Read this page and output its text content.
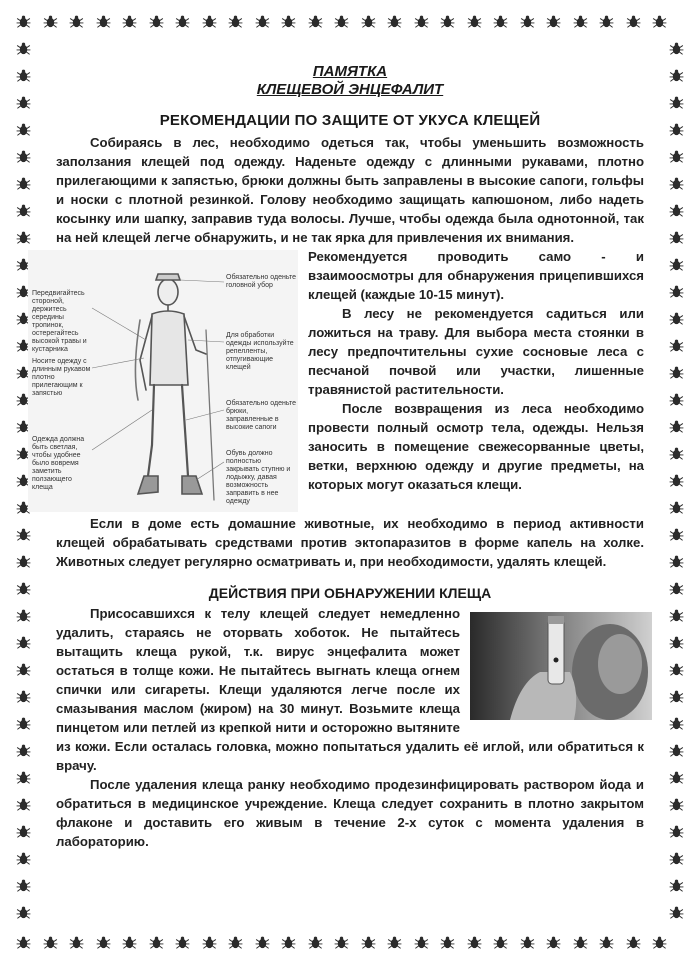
ПАМЯТКА
КЛЕЩЕВОЙ ЭНЦЕФАЛИТ
РЕКОМЕНДАЦИИ ПО ЗАЩИТЕ ОТ УКУСА КЛЕЩЕЙ

Собираясь в лес, необходимо одеться так, чтобы уменьшить возможность заползания клещей под одежду. Наденьте одежду с длинными рукавами, плотно прилегающими к запястью, брюки должны быть заправлены в высокие сапоги, гольфы и носки с плотной резинкой. Голову необходимо защищать капюшоном, либо надеть косынку или шапку, заправив туда волосы. Лучше, чтобы одежда была однотонной, так на ней клещей легче обнаружить, и не так ярка для привлечения их внимания.

Передвигайтесь стороной, держитесь середины тропинок, остерегайтесь высокой травы и кустарника
Носите одежду с длинным рукавом плотно прилегающим к запястью
Одежда должна быть светлая, чтобы удобнее было вовремя заметить ползающего клеща
Обязательно оденьте головной убор
Для обработки одежды используйте репелленты, отпугивающие клещей
Обязательно оденьте брюки, заправленные в высокие сапоги
Обувь должно полностью закрывать ступню и лодыжку, давая возможность заправить в нее одежду

Рекомендуется проводить само - и взаимоосмотры для обнаружения прицепившихся клещей (каждые 10-15 минут).

В лесу не рекомендуется садиться или ложиться на траву. Для выбора места стоянки в лесу предпочтительны сухие сосновые леса с песчаной почвой или участки, лишенные травянистой растительности.

После возвращения из леса необходимо провести полный осмотр тела, одежды. Нельзя заносить в помещение свежесорванные цветы, ветки, верхнюю одежду и другие предметы, на которых могут оказаться клещи.

Если в доме есть домашние животные, их необходимо в период активности клещей обрабатывать средствами против эктопаразитов в форме капель на холке. Животных следует регулярно осматривать и, при необходимости, удалять клещей.

ДЕЙСТВИЯ ПРИ ОБНАРУЖЕНИИ КЛЕЩА

Присосавшихся к телу клещей следует немедленно удалить, стараясь не оторвать хоботок. Не пытайтесь вытащить клеща рукой, т.к. вирус энцефалита может остаться в толще кожи. Не пытайтесь выгнать клеща огнем спички или сигареты. Клещи удаляются легче после их смазывания маслом (жиром) на 30 минут. Возьмите клеща пинцетом или петлей из крепкой нити и осторожно вытяните из кожи. Если осталась головка, можно попытаться удалить её иглой, или обратиться к врачу.

После удаления клеща ранку необходимо продезинфицировать раствором йода и обратиться в медицинское учреждение. Клеща следует сохранить в плотно закрытом флаконе и доставить его живым в течение 2-х суток с момента удаления в лабораторию.
